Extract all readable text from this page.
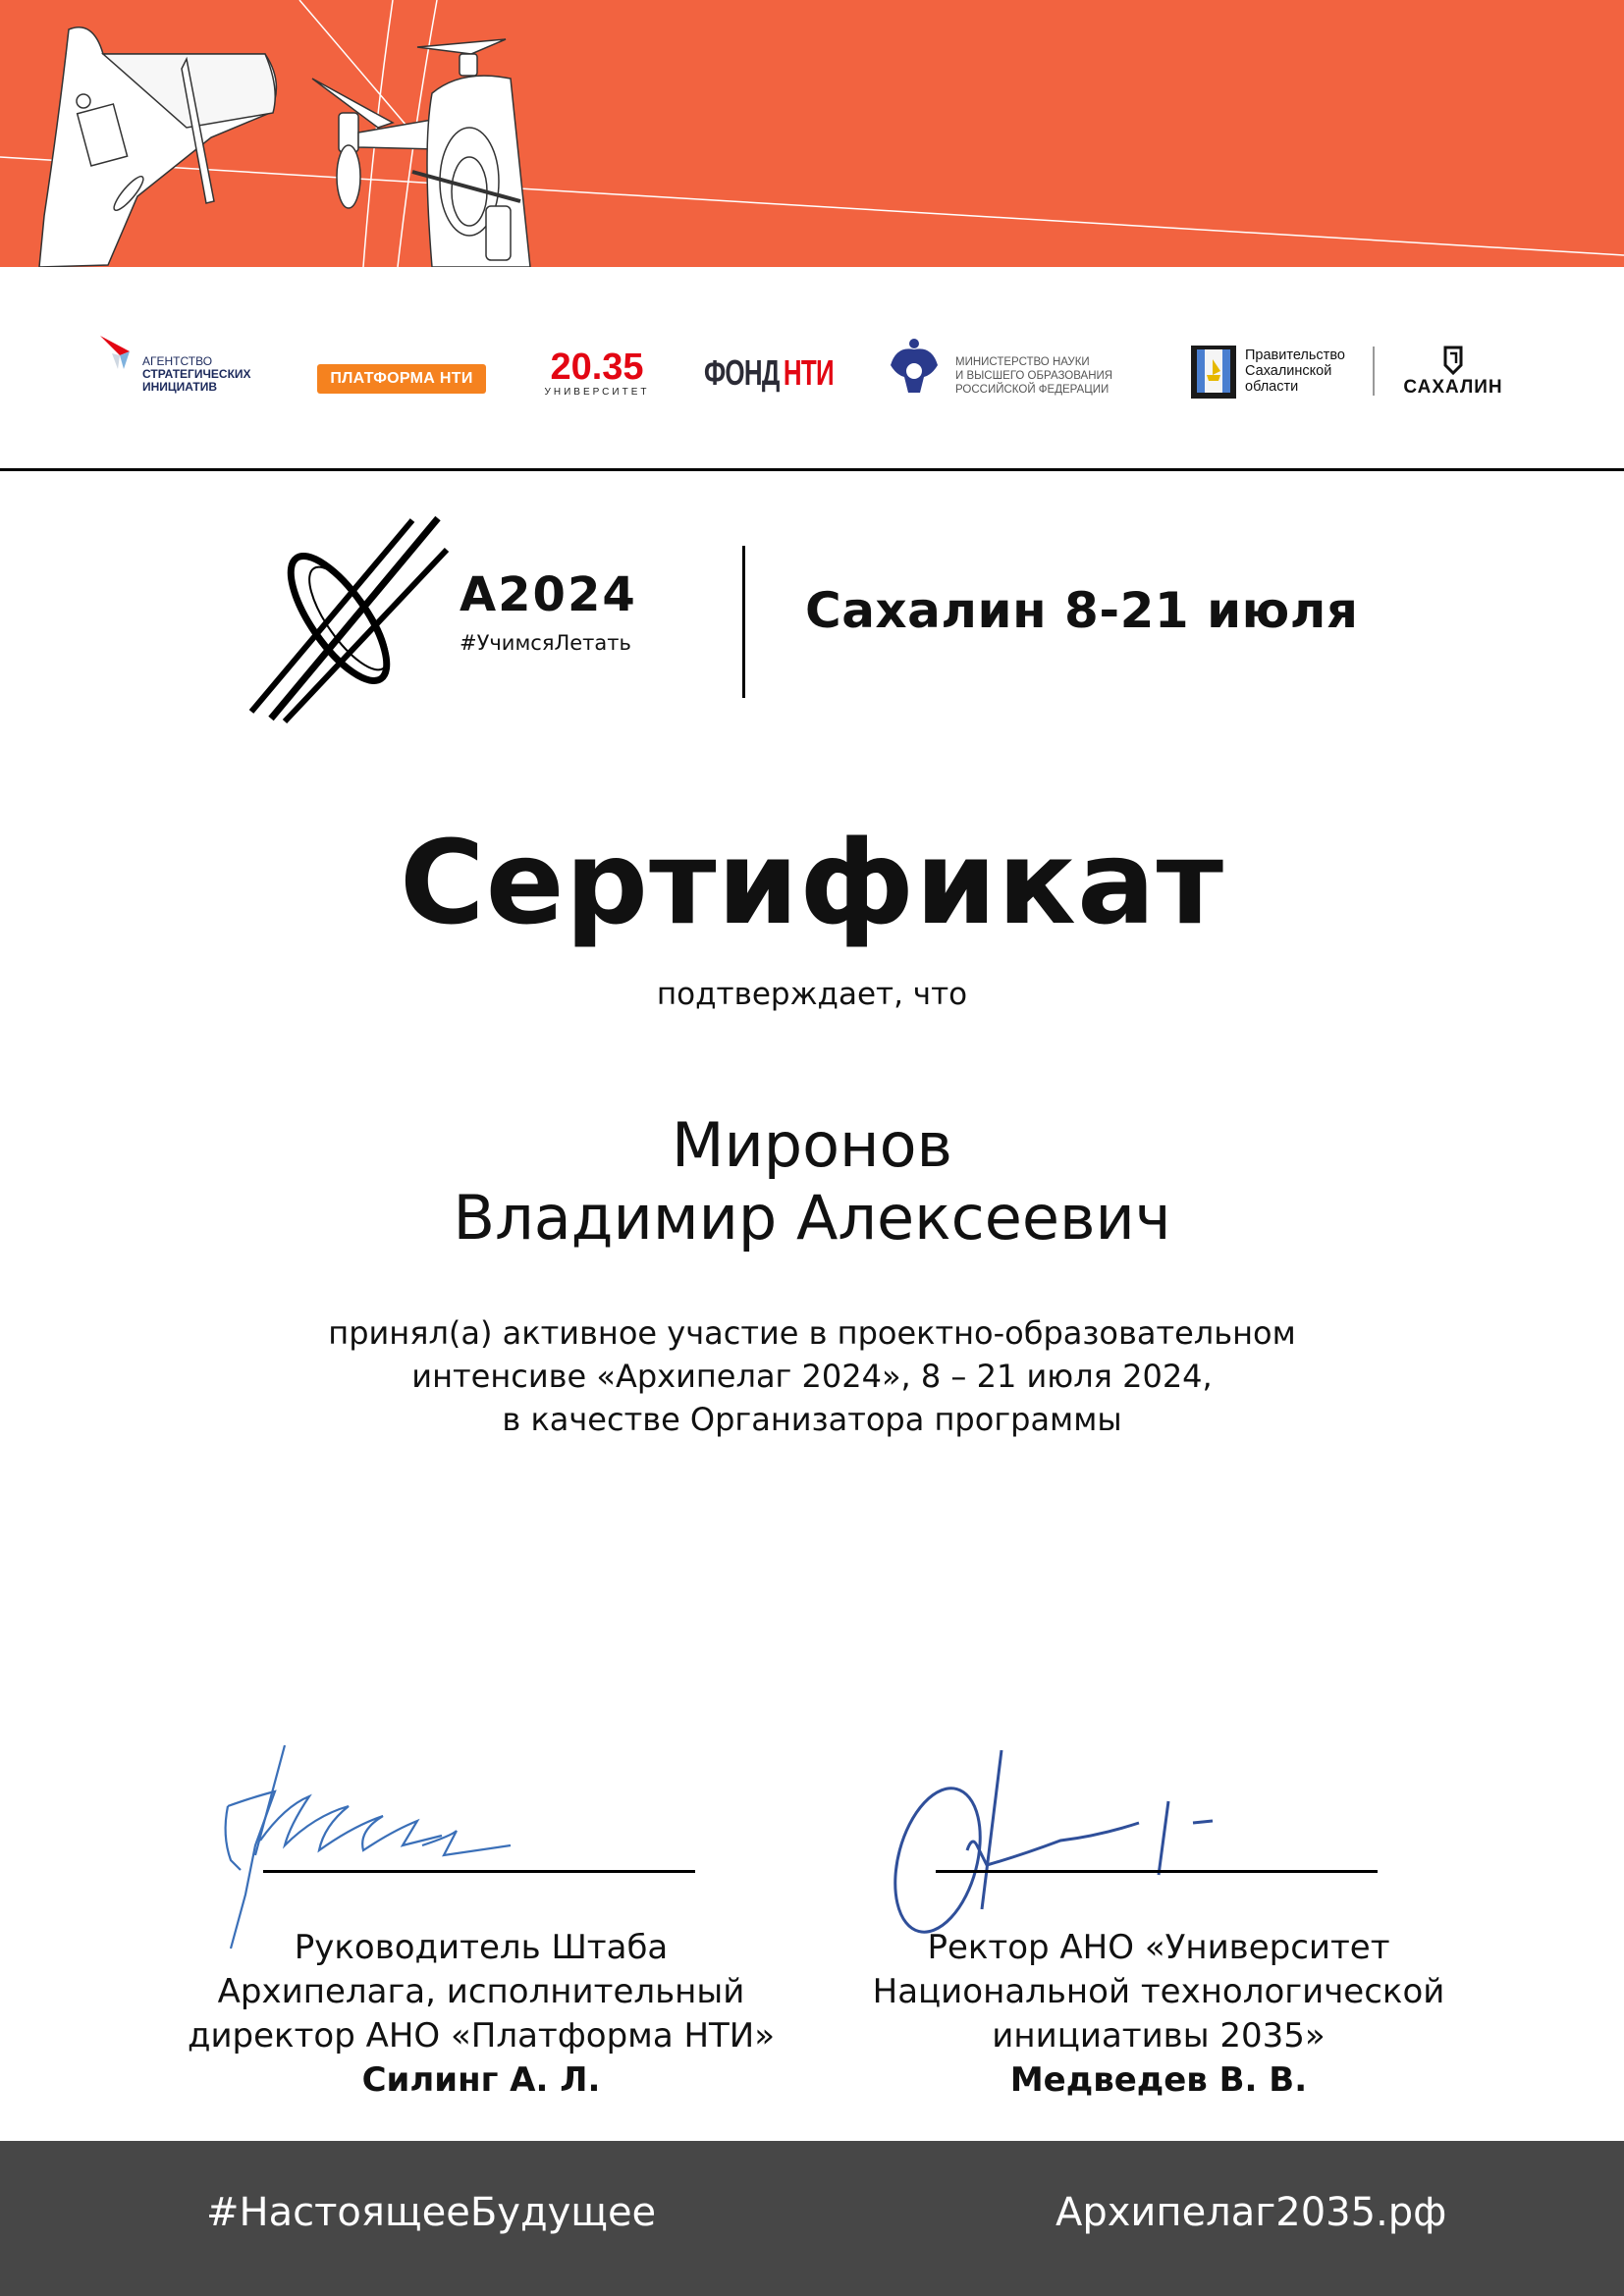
АГЕНТСТВО
СТРАТЕГИЧЕСКИХ
ИНИЦИАТИВ	ПЛАТФОРМА НТИ	20.35
УНИВЕРСИТЕТ ФОНД НТИ	МИНИСТЕРСТВО НАУКИ
И ВЫСШЕГО ОБРАЗОВАНИЯ
РОССИЙСКОЙ ФЕДЕРАЦИИ
Правительство
Сахалинской
области	САХАЛИН
А2024
#УчимсяЛетать
Сахалин 8-21 июля
Сертификат
подтверждает, что
Миронов
Владимир Алексеевич
принял(а) активное участие в проектно-образовательном
интенсиве «Архипелаг 2024», 8 – 21 июля 2024,
в качестве Организатора программы
Руководитель Штаба
Архипелага, исполнительный
директор АНО «Платформа НТИ»
Силинг А. Л.
Ректор АНО «Университет
Национальной технологической
инициативы 2035»
Медведев В. В.
#НастоящееБудущее	Архипелаг2035.рф
